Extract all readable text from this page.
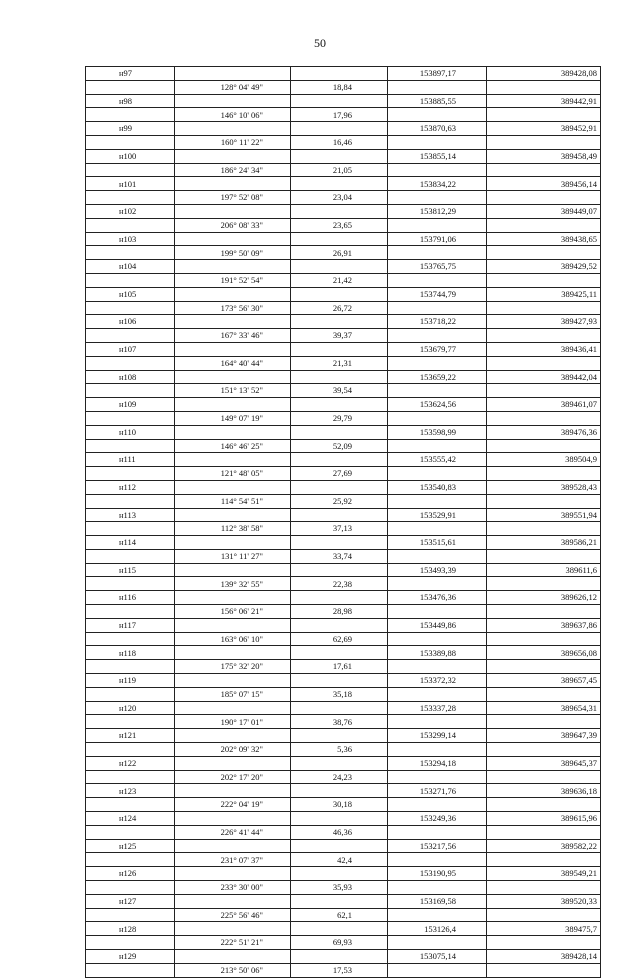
50
н97			153897,17	389428,08
	128° 04' 49"	18,84		
н98			153885,55	389442,91
	146° 10' 06"	17,96		
н99			153870,63	389452,91
	160° 11' 22"	16,46		
н100			153855,14	389458,49
	186° 24' 34"	21,05		
н101			153834,22	389456,14
	197° 52' 08"	23,04		
н102			153812,29	389449,07
	206° 08' 33"	23,65		
н103			153791,06	389438,65
	199° 50' 09"	26,91		
н104			153765,75	389429,52
	191° 52' 54"	21,42		
н105			153744,79	389425,11
	173° 56' 30"	26,72		
н106			153718,22	389427,93
	167° 33' 46"	39,37		
н107			153679,77	389436,41
	164° 40' 44"	21,31		
н108			153659,22	389442,04
	151° 13' 52"	39,54		
н109			153624,56	389461,07
	149° 07' 19"	29,79		
н110			153598,99	389476,36
	146° 46' 25"	52,09		
н111			153555,42	389504,9
	121° 48' 05"	27,69		
н112			153540,83	389528,43
	114° 54' 51"	25,92		
н113			153529,91	389551,94
	112° 38' 58"	37,13		
н114			153515,61	389586,21
	131° 11' 27"	33,74		
н115			153493,39	389611,6
	139° 32' 55"	22,38		
н116			153476,36	389626,12
	156° 06' 21"	28,98		
н117			153449,86	389637,86
	163° 06' 10"	62,69		
н118			153389,88	389656,08
	175° 32' 20"	17,61		
н119			153372,32	389657,45
	185° 07' 15"	35,18		
н120			153337,28	389654,31
	190° 17' 01"	38,76		
н121			153299,14	389647,39
	202° 09' 32"	5,36		
н122			153294,18	389645,37
	202° 17' 20"	24,23		
н123			153271,76	389636,18
	222° 04' 19"	30,18		
н124			153249,36	389615,96
	226° 41' 44"	46,36		
н125			153217,56	389582,22
	231° 07' 37"	42,4		
н126			153190,95	389549,21
	233° 30' 00"	35,93		
н127			153169,58	389520,33
	225° 56' 46"	62,1		
н128			153126,4	389475,7
	222° 51' 21"	69,93		
н129			153075,14	389428,14
	213° 50' 06"	17,53		
